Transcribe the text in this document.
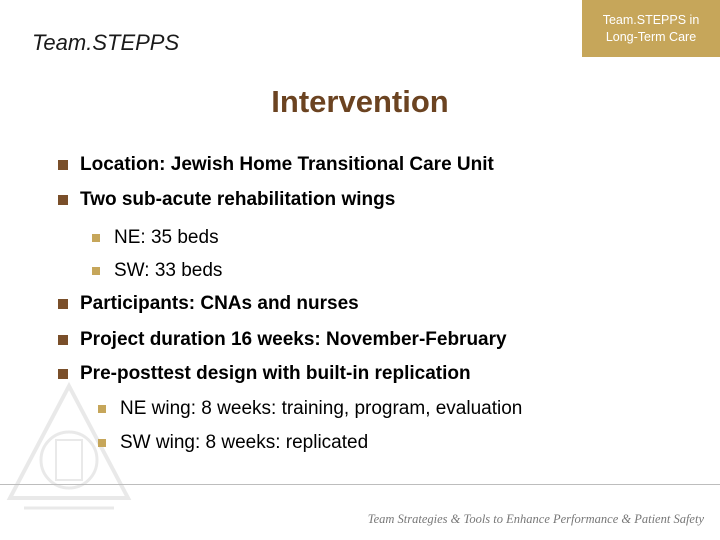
Team.STEPPS
Team.STEPPS in
Long-Term Care
Intervention
Location: Jewish Home Transitional Care Unit
Two sub-acute rehabilitation wings
NE: 35 beds
SW: 33 beds
Participants: CNAs and nurses
Project duration 16 weeks: November-February
Pre-posttest design with built-in replication
NE wing: 8 weeks: training, program, evaluation
SW wing: 8 weeks: replicated
Team Strategies & Tools to Enhance Performance & Patient Safety
